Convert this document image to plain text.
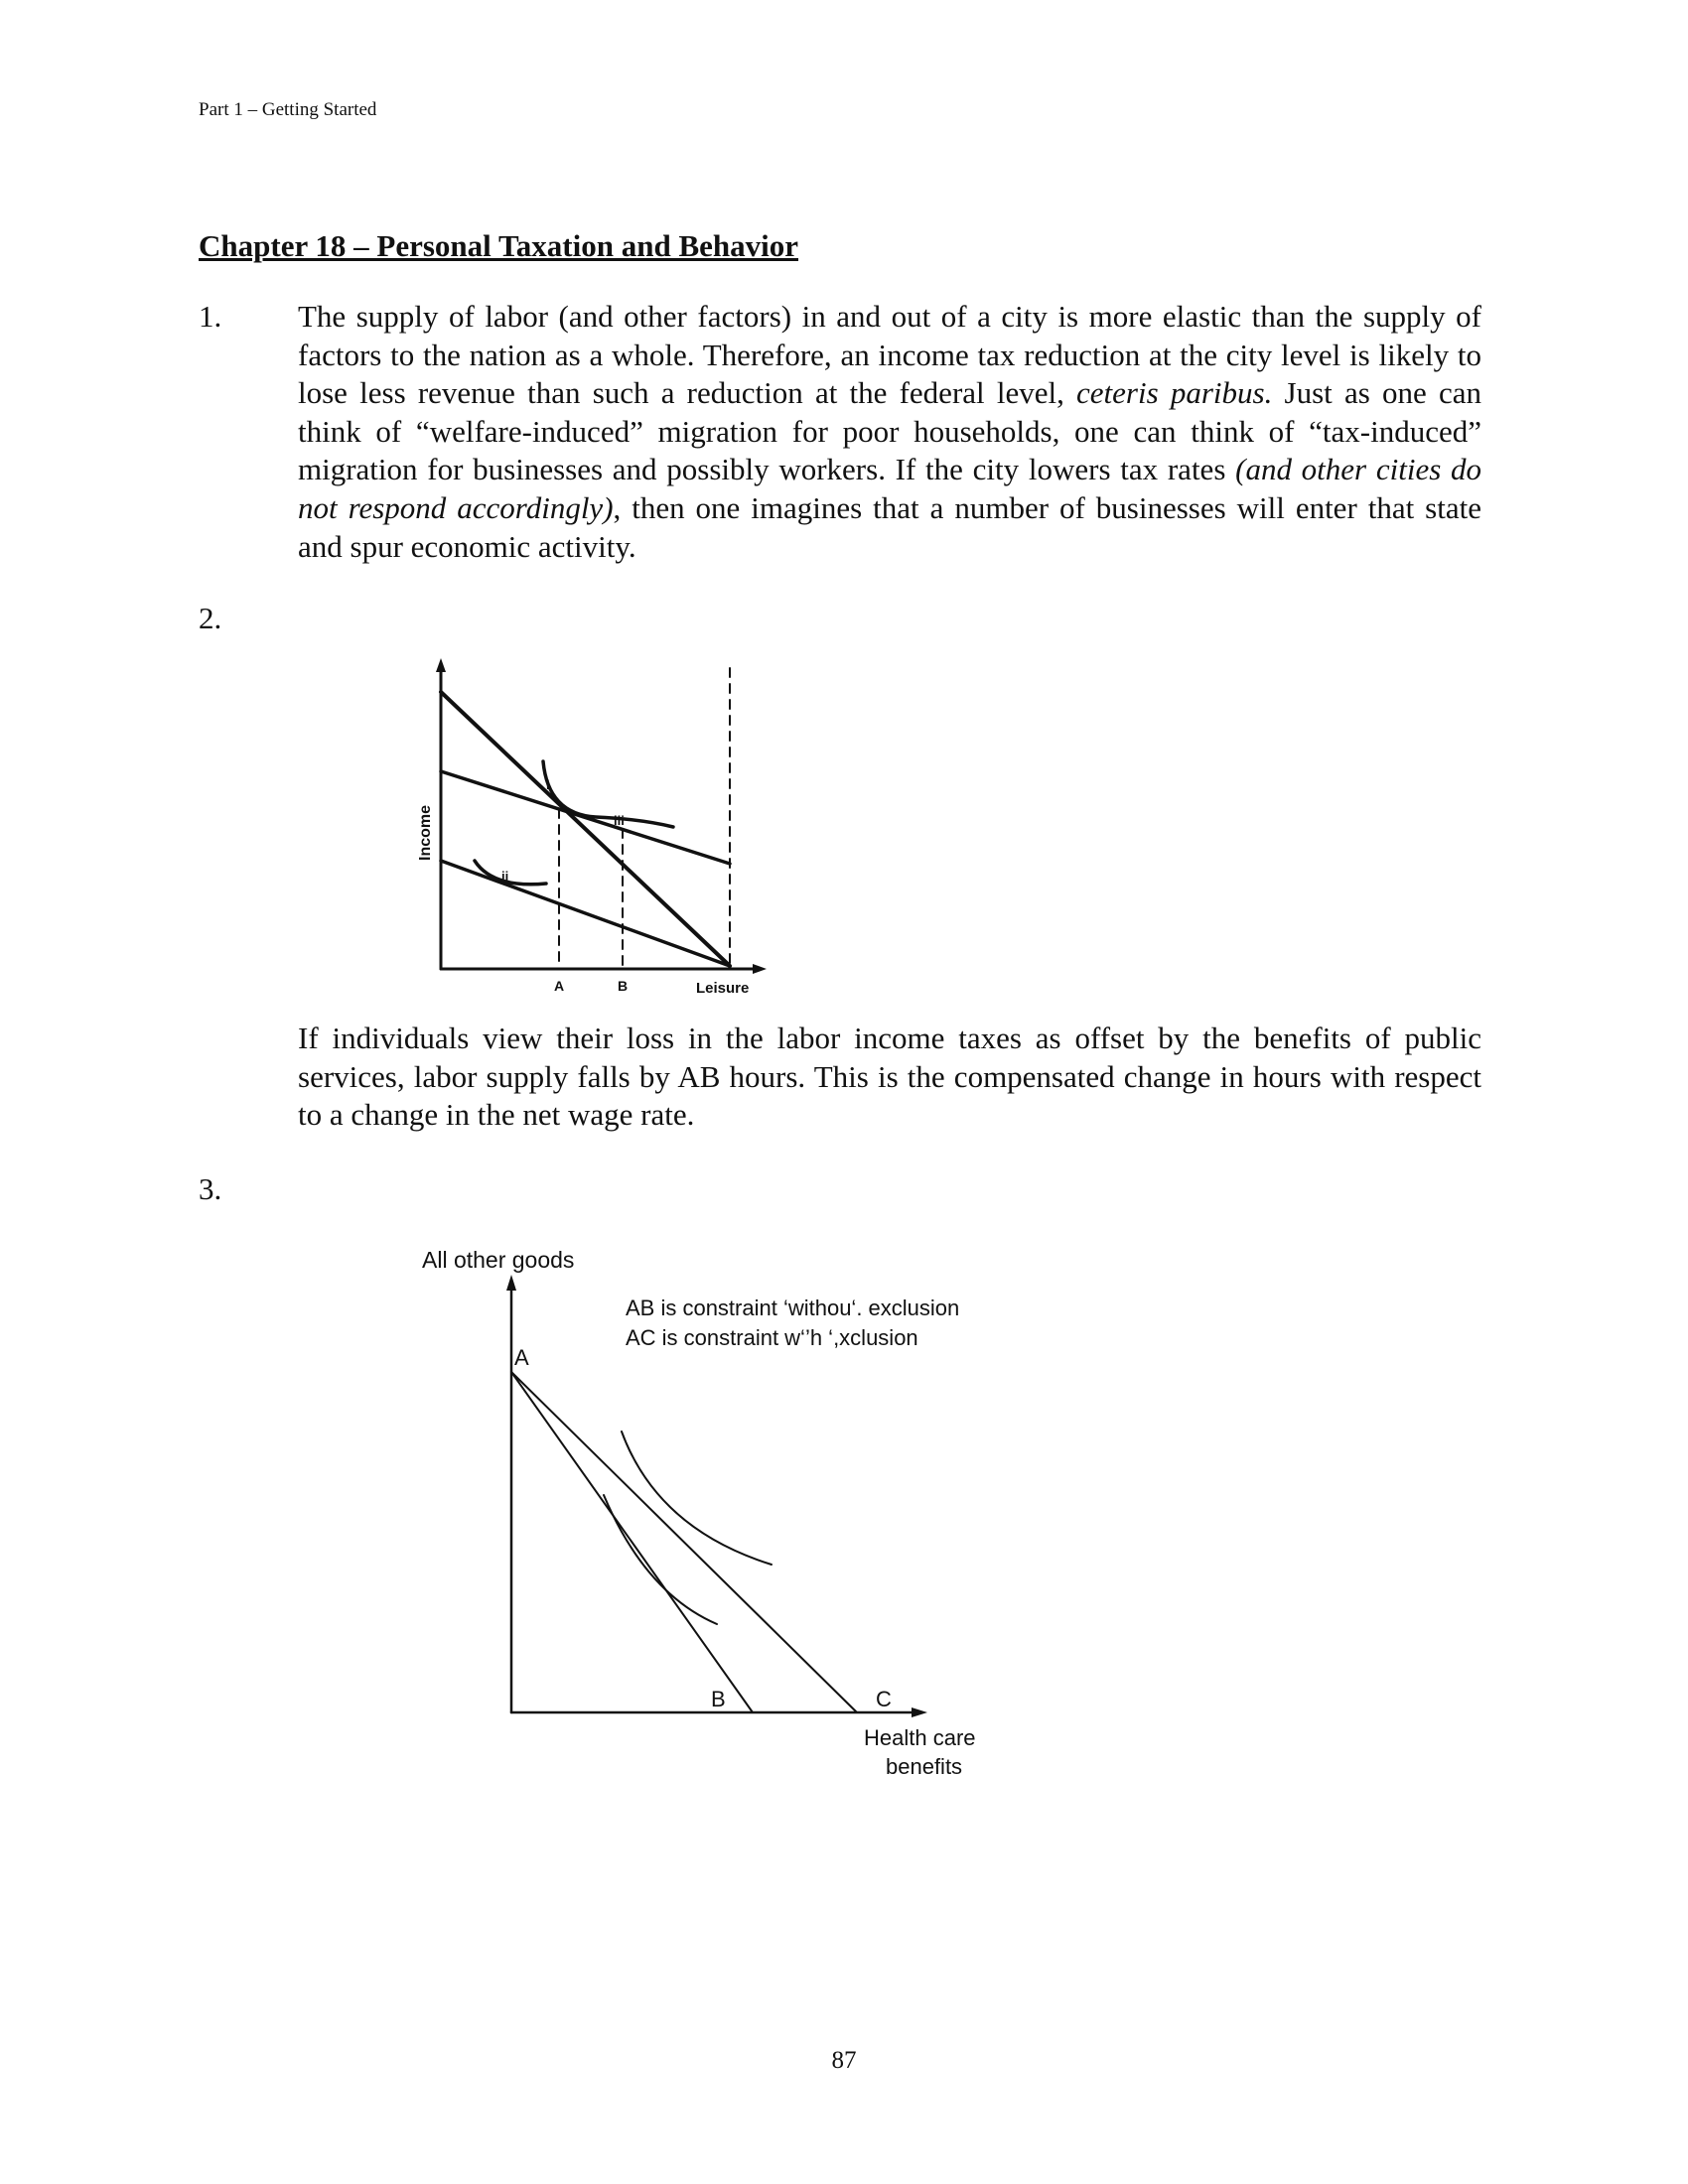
Part 1 – Getting Started
Chapter 18 – Personal Taxation and Behavior
1. The supply of labor (and other factors) in and out of a city is more elastic than the supply of factors to the nation as a whole. Therefore, an income tax reduction at the city level is likely to lose less revenue than such a reduction at the federal level, ceteris paribus. Just as one can think of “welfare-induced” migration for poor households, one can think of “tax-induced” migration for businesses and possibly workers. If the city lowers tax rates (and other cities do not respond accordingly), then one imagines that a number of businesses will enter that state and spur economic activity.

2.
i
ii
iii
A	B	Leisure
Income

If individuals view their loss in the labor income taxes as offset by the benefits of public services, labor supply falls by AB hours. This is the compensated change in hours with respect to a change in the net wage rate.

3.
All other goods
AB is constraint ‘withou‘. exclusion
AC is constraint w‘’h ‘,xclusion
A
B	C
Health care
benefits
87
